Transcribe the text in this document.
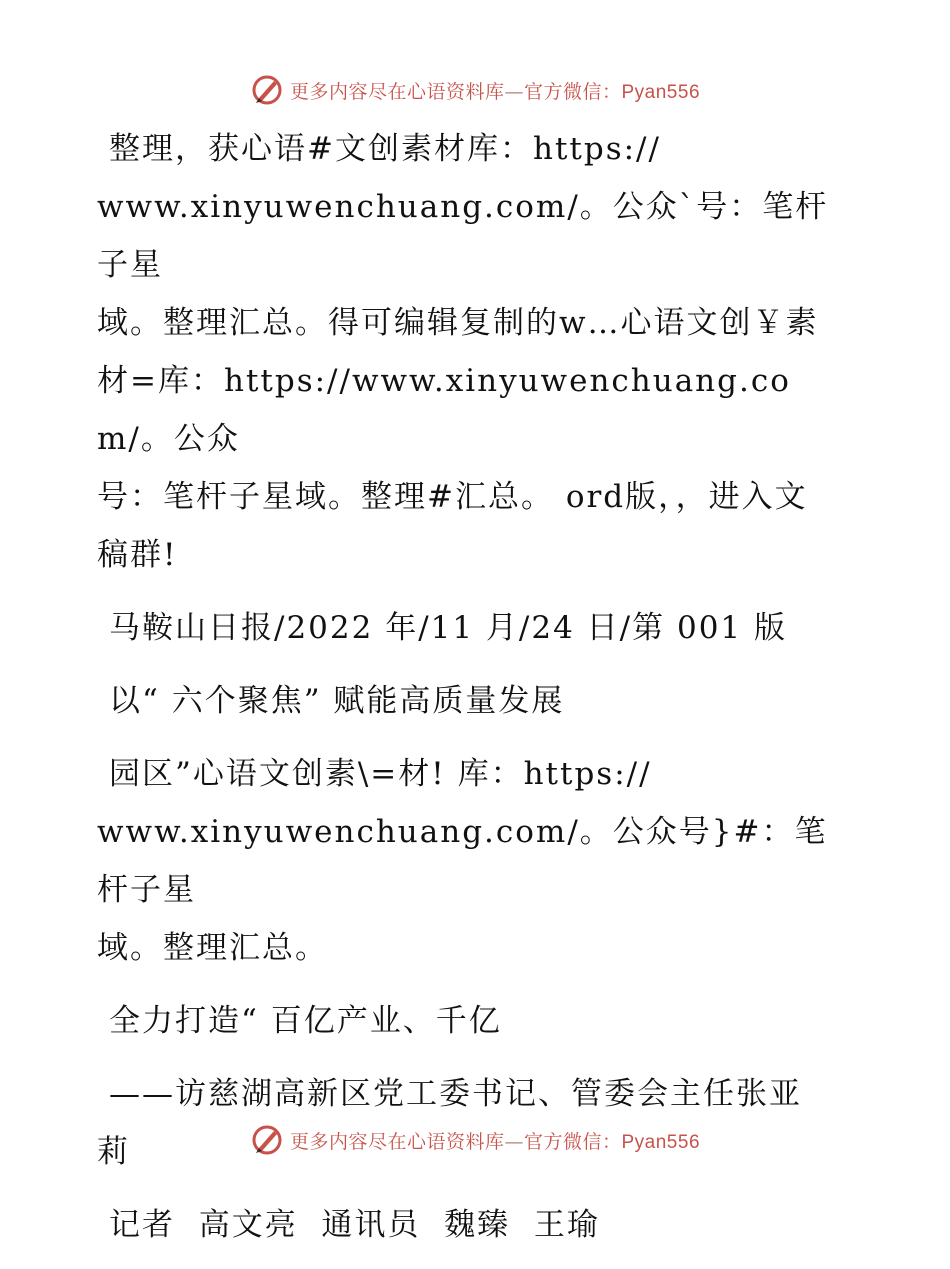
更多内容尽在心语资料库—官方微信：Pyan556
整理，获心语#文创素材库：https://
www.xinyuwenchuang.com/。公众`号：笔杆子星
域。整理汇总。得可编辑复制的w…心语文创￥素
材=库：https://www.xinyuwenchuang.com/。公众
号：笔杆子星域。整理#汇总。 ord版，，进入文
稿群!
马鞍山日报/2022 年/11 月/24 日/第 001 版
以“ 六个聚焦” 赋能高质量发展
园区”心语文创素\=材! 库：https://
www.xinyuwenchuang.com/。公众号}#：笔杆子星
域。整理汇总。
全力打造“ 百亿产业、千亿
——访慈湖高新区党工委书记、管委会主任张亚
莉
记者  高文亮  通讯员  魏臻  王瑜
更多内容尽在心语资料库—官方微信：Pyan556
